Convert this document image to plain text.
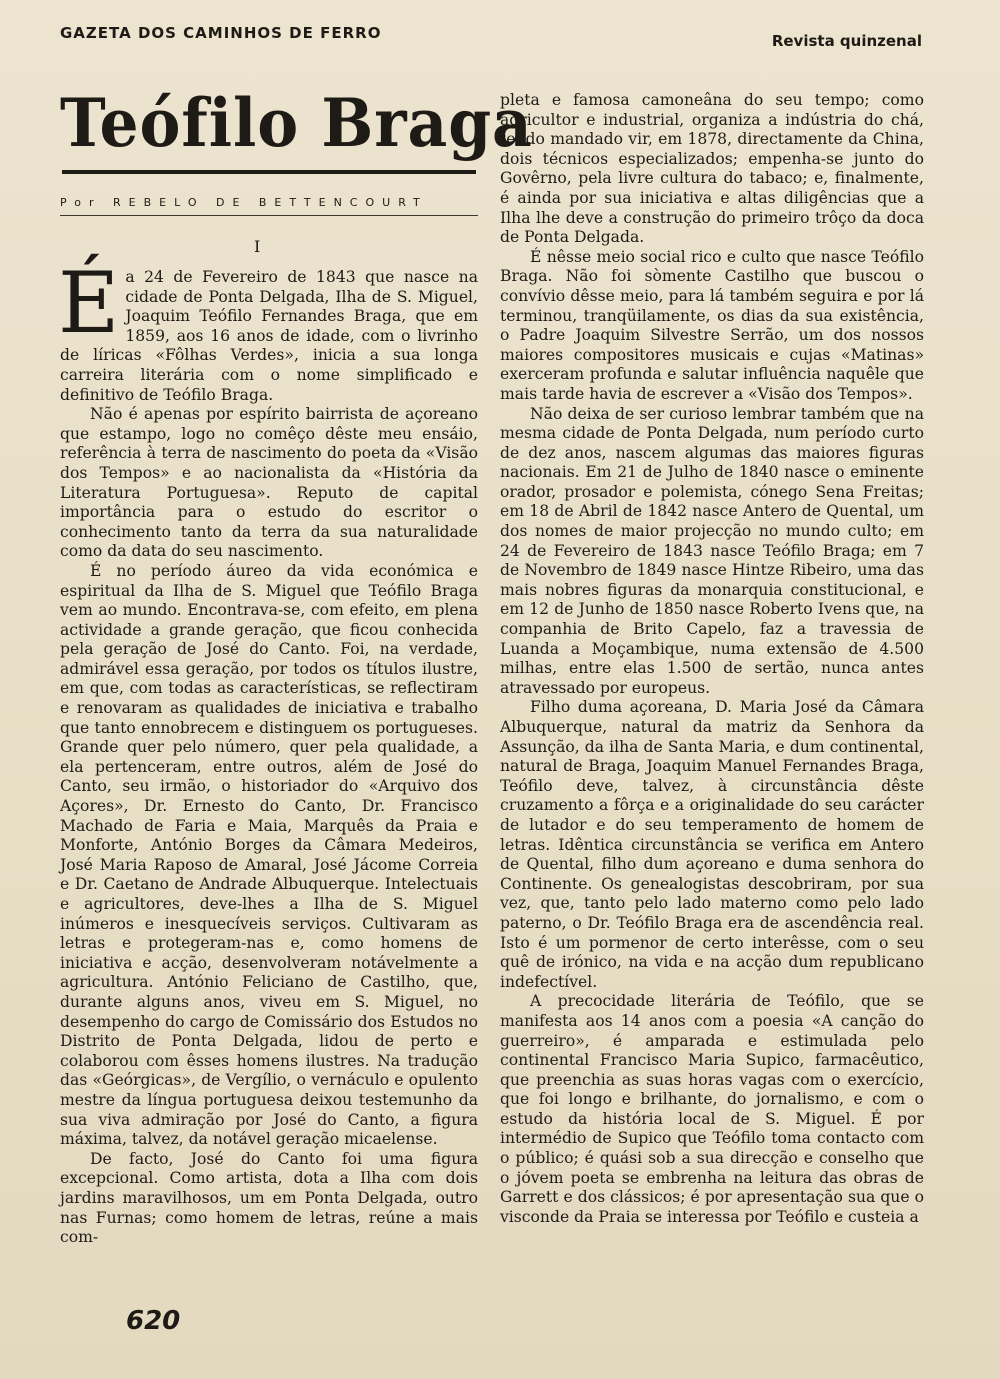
GAZETA DOS CAMINHOS DE FERRO	Revista quinzenal
Teófilo Braga
Por REBELO DE BETTENCOURT
I

Éa 24 de Fevereiro de 1843 que nasce na cidade de Ponta Delgada, Ilha de S. Miguel, Joaquim Teófilo Fernandes Braga, que em 1859, aos 16 anos de idade, com o livrinho de líricas «Fôlhas Verdes», inicia a sua longa carreira literária com o nome simplificado e definitivo de Teófilo Braga.

Não é apenas por espírito bairrista de açoreano que estampo, logo no comêço dêste meu ensáio, referência à terra de nascimento do poeta da «Visão dos Tempos» e ao nacionalista da «História da Literatura Portuguesa». Reputo de capital importância para o estudo do escritor o conhecimento tanto da terra da sua naturalidade como da data do seu nascimento.

É no período áureo da vida económica e espiritual da Ilha de S. Miguel que Teófilo Braga vem ao mundo. Encontrava-se, com efeito, em plena actividade a grande geração, que ficou conhecida pela geração de José do Canto. Foi, na verdade, admirável essa geração, por todos os títulos ilustre, em que, com todas as características, se reflectiram e renovaram as qualidades de iniciativa e trabalho que tanto ennobrecem e distinguem os portugueses. Grande quer pelo número, quer pela qualidade, a ela pertenceram, entre outros, além de José do Canto, seu irmão, o historiador do «Arquivo dos Açores», Dr. Ernesto do Canto, Dr. Francisco Machado de Faria e Maia, Marquês da Praia e Monforte, António Borges da Câmara Medeiros, José Maria Raposo de Amaral, José Jácome Correia e Dr. Caetano de Andrade Albuquerque. Intelectuais e agricultores, deve-lhes a Ilha de S. Miguel inúmeros e inesquecíveis serviços. Cultivaram as letras e protegeram-nas e, como homens de iniciativa e acção, desenvolveram notávelmente a agricultura. António Feliciano de Castilho, que, durante alguns anos, viveu em S. Miguel, no desempenho do cargo de Comissário dos Estudos no Distrito de Ponta Delgada, lidou de perto e colaborou com êsses homens ilustres. Na tradução das «Geórgicas», de Vergílio, o vernáculo e opulento mestre da língua portuguesa deixou testemunho da sua viva admiração por José do Canto, a figura máxima, talvez, da notável geração micaelense.

De facto, José do Canto foi uma figura excepcional. Como artista, dota a Ilha com dois jardins maravilhosos, um em Ponta Delgada, outro nas Furnas; como homem de letras, reúne a mais com-

pleta e famosa camoneâna do seu tempo; como agricultor e industrial, organiza a indústria do chá, tendo mandado vir, em 1878, directamente da China, dois técnicos especializados; empenha-se junto do Govêrno, pela livre cultura do tabaco; e, finalmente, é ainda por sua iniciativa e altas diligências que a Ilha lhe deve a construção do primeiro trôço da doca de Ponta Delgada.

É nêsse meio social rico e culto que nasce Teófilo Braga. Não foi sòmente Castilho que buscou o convívio dêsse meio, para lá também seguira e por lá terminou, tranqüilamente, os dias da sua existência, o Padre Joaquim Silvestre Serrão, um dos nossos maiores compositores musicais e cujas «Matinas» exerceram profunda e salutar influência naquêle que mais tarde havia de escrever a «Visão dos Tempos».

Não deixa de ser curioso lembrar também que na mesma cidade de Ponta Delgada, num período curto de dez anos, nascem algumas das maiores figuras nacionais. Em 21 de Julho de 1840 nasce o eminente orador, prosador e polemista, cónego Sena Freitas; em 18 de Abril de 1842 nasce Antero de Quental, um dos nomes de maior projecção no mundo culto; em 24 de Fevereiro de 1843 nasce Teófilo Braga; em 7 de Novembro de 1849 nasce Hintze Ribeiro, uma das mais nobres figuras da monarquia constitucional, e em 12 de Junho de 1850 nasce Roberto Ivens que, na companhia de Brito Capelo, faz a travessia de Luanda a Moçambique, numa extensão de 4.500 milhas, entre elas 1.500 de sertão, nunca antes atravessado por europeus.

Filho duma açoreana, D. Maria José da Câmara Albuquerque, natural da matriz da Senhora da Assunção, da ilha de Santa Maria, e dum continental, natural de Braga, Joaquim Manuel Fernandes Braga, Teófilo deve, talvez, à circunstância dêste cruzamento a fôrça e a originalidade do seu carácter de lutador e do seu temperamento de homem de letras. Idêntica circunstância se verifica em Antero de Quental, filho dum açoreano e duma senhora do Continente. Os genealogistas descobriram, por sua vez, que, tanto pelo lado materno como pelo lado paterno, o Dr. Teófilo Braga era de ascendência real. Isto é um pormenor de certo interêsse, com o seu quê de irónico, na vida e na acção dum republicano indefectível.

A precocidade literária de Teófilo, que se manifesta aos 14 anos com a poesia «A canção do guerreiro», é amparada e estimulada pelo continental Francisco Maria Supico, farmacêutico, que preenchia as suas horas vagas com o exercício, que foi longo e brilhante, do jornalismo, e com o estudo da história local de S. Miguel. É por intermédio de Supico que Teófilo toma contacto com o público; é quási sob a sua direcção e conselho que o jóvem poeta se embrenha na leitura das obras de Garrett e dos clássicos; é por apresentação sua que o visconde da Praia se interessa por Teófilo e custeia a

620
